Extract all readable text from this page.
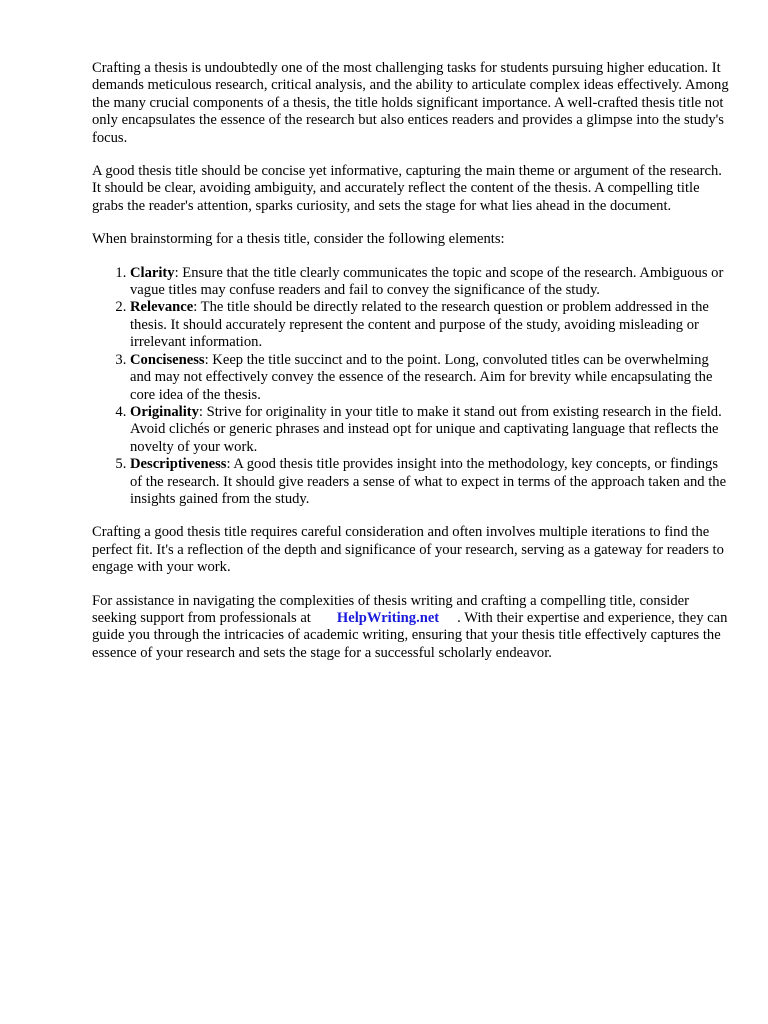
Crafting a thesis is undoubtedly one of the most challenging tasks for students pursuing higher education. It demands meticulous research, critical analysis, and the ability to articulate complex ideas effectively. Among the many crucial components of a thesis, the title holds significant importance. A well-crafted thesis title not only encapsulates the essence of the research but also entices readers and provides a glimpse into the study's focus.

A good thesis title should be concise yet informative, capturing the main theme or argument of the research. It should be clear, avoiding ambiguity, and accurately reflect the content of the thesis. A compelling title grabs the reader's attention, sparks curiosity, and sets the stage for what lies ahead in the document.

When brainstorming for a thesis title, consider the following elements:

1. Clarity: Ensure that the title clearly communicates the topic and scope of the research. Ambiguous or vague titles may confuse readers and fail to convey the significance of the study.
2. Relevance: The title should be directly related to the research question or problem addressed in the thesis. It should accurately represent the content and purpose of the study, avoiding misleading or irrelevant information.
3. Conciseness: Keep the title succinct and to the point. Long, convoluted titles can be overwhelming and may not effectively convey the essence of the research. Aim for brevity while encapsulating the core idea of the thesis.
4. Originality: Strive for originality in your title to make it stand out from existing research in the field. Avoid clichés or generic phrases and instead opt for unique and captivating language that reflects the novelty of your work.
5. Descriptiveness: A good thesis title provides insight into the methodology, key concepts, or findings of the research. It should give readers a sense of what to expect in terms of the approach taken and the insights gained from the study.

Crafting a good thesis title requires careful consideration and often involves multiple iterations to find the perfect fit. It's a reflection of the depth and significance of your research, serving as a gateway for readers to engage with your work.

For assistance in navigating the complexities of thesis writing and crafting a compelling title, consider seeking support from professionals at HelpWriting.net . With their expertise and experience, they can guide you through the intricacies of academic writing, ensuring that your thesis title effectively captures the essence of your research and sets the stage for a successful scholarly endeavor.
